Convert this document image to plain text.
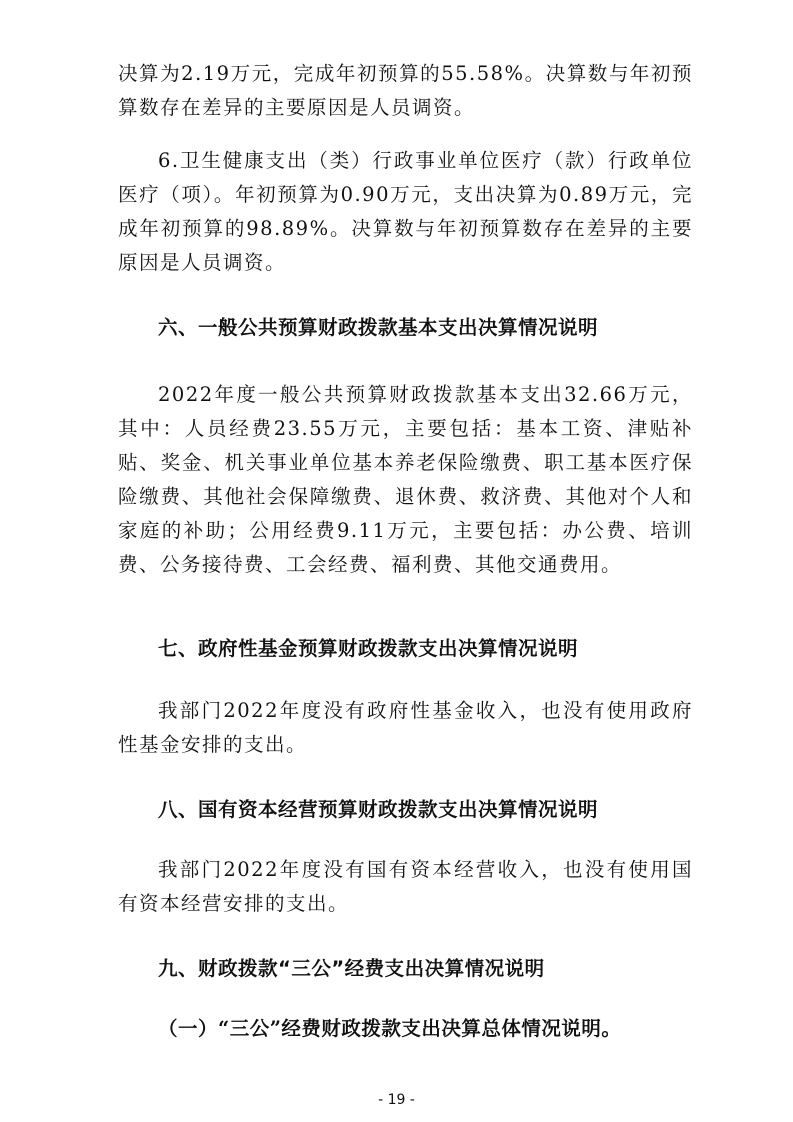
决算为2.19万元，完成年初预算的55.58%。决算数与年初预算数存在差异的主要原因是人员调资。

6.卫生健康支出（类）行政事业单位医疗（款）行政单位医疗（项）。年初预算为0.90万元，支出决算为0.89万元，完成年初预算的98.89%。决算数与年初预算数存在差异的主要原因是人员调资。

六、一般公共预算财政拨款基本支出决算情况说明

2022年度一般公共预算财政拨款基本支出32.66万元，其中：人员经费23.55万元，主要包括：基本工资、津贴补贴、奖金、机关事业单位基本养老保险缴费、职工基本医疗保险缴费、其他社会保障缴费、退休费、救济费、其他对个人和家庭的补助；公用经费9.11万元，主要包括：办公费、培训费、公务接待费、工会经费、福利费、其他交通费用。

七、政府性基金预算财政拨款支出决算情况说明

我部门2022年度没有政府性基金收入，也没有使用政府性基金安排的支出。

八、国有资本经营预算财政拨款支出决算情况说明

我部门2022年度没有国有资本经营收入，也没有使用国有资本经营安排的支出。

九、财政拨款“三公”经费支出决算情况说明
（一）“三公”经费财政拨款支出决算总体情况说明。
- 19 -
